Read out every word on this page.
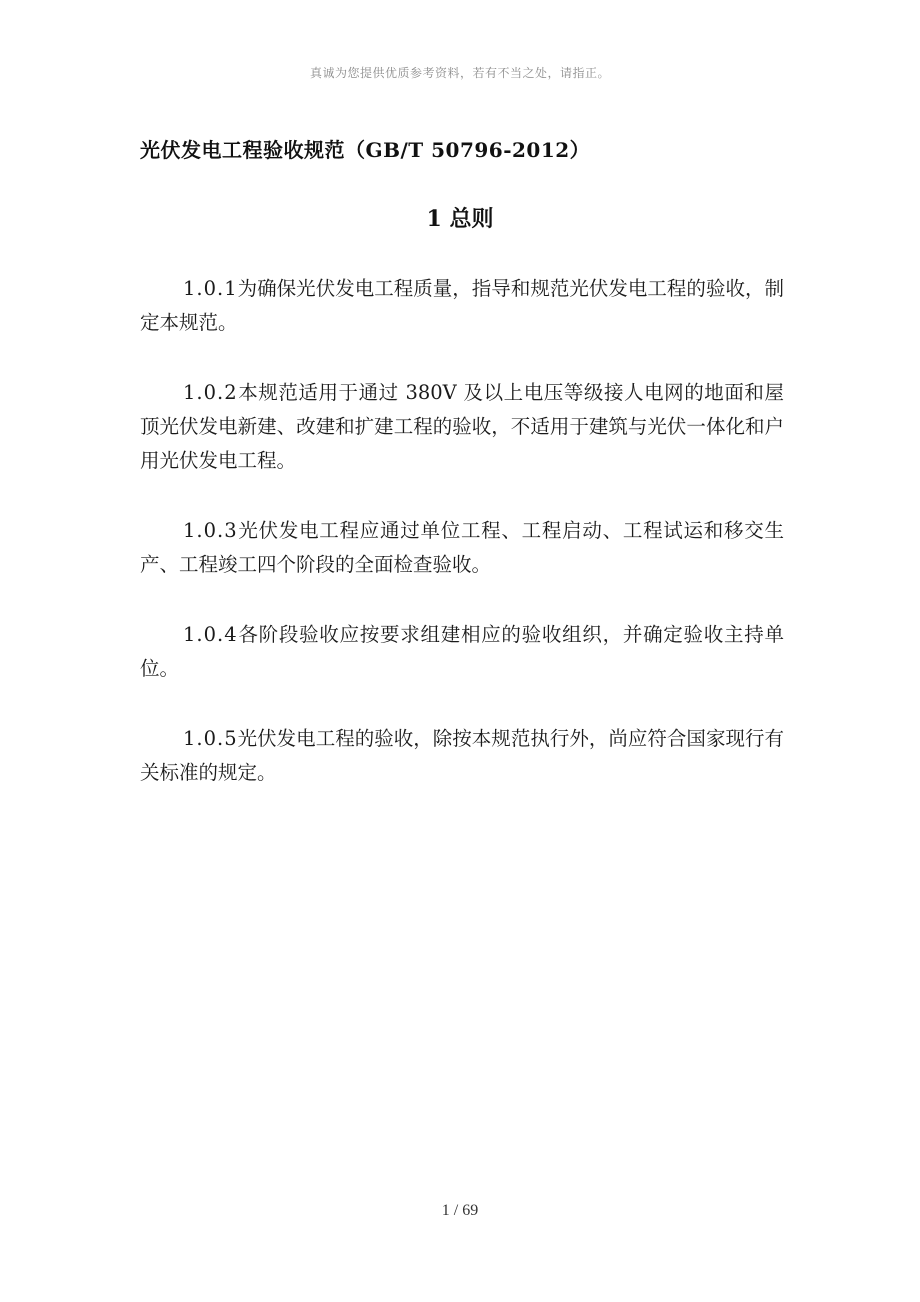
真诚为您提供优质参考资料，若有不当之处，请指正。
光伏发电工程验收规范（GB/T 50796-2012）
1 总则

1.0.1为确保光伏发电工程质量，指导和规范光伏发电工程的验收，制定本规范。

1.0.2本规范适用于通过 380V 及以上电压等级接人电网的地面和屋顶光伏发电新建、改建和扩建工程的验收，不适用于建筑与光伏一体化和户用光伏发电工程。

1.0.3光伏发电工程应通过单位工程、工程启动、工程试运和移交生产、工程竣工四个阶段的全面检查验收。

1.0.4各阶段验收应按要求组建相应的验收组织，并确定验收主持单位。

1.0.5光伏发电工程的验收，除按本规范执行外，尚应符合国家现行有关标准的规定。

1 / 69
